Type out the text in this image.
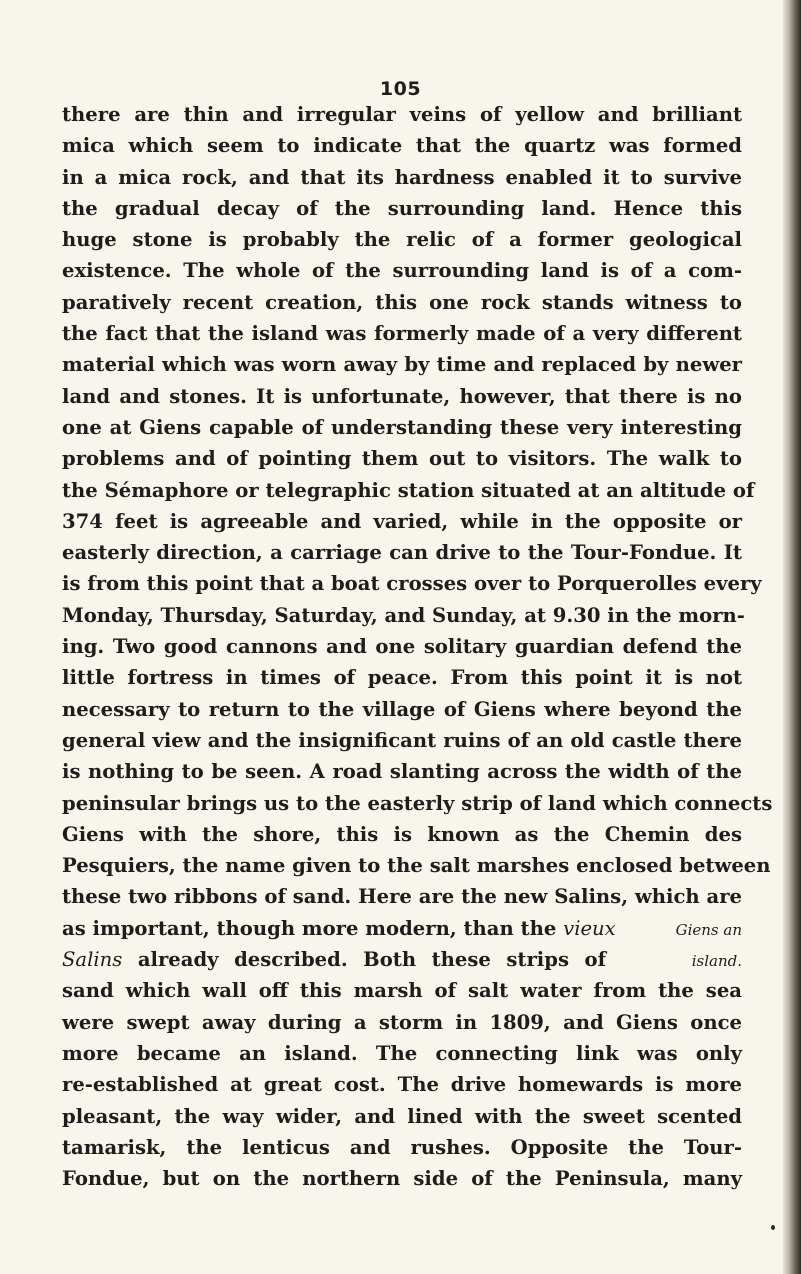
105
there are thin and irregular veins of yellow and brilliant
mica which seem to indicate that the quartz was formed
in a mica rock, and that its hardness enabled it to survive
the gradual decay of the surrounding land. Hence this
huge stone is probably the relic of a former geological
existence. The whole of the surrounding land is of a com-
paratively recent creation, this one rock stands witness to
the fact that the island was formerly made of a very different
material which was worn away by time and replaced by newer
land and stones. It is unfortunate, however, that there is no
one at Giens capable of understanding these very interesting
problems and of pointing them out to visitors. The walk to
the Sémaphore or telegraphic station situated at an altitude of
374 feet is agreeable and varied, while in the opposite or
easterly direction, a carriage can drive to the Tour-Fondue. It
is from this point that a boat crosses over to Porquerolles every
Monday, Thursday, Saturday, and Sunday, at 9.30 in the morn-
ing. Two good cannons and one solitary guardian defend the
little fortress in times of peace. From this point it is not
necessary to return to the village of Giens where beyond the
general view and the insignificant ruins of an old castle there
is nothing to be seen. A road slanting across the width of the
peninsular brings us to the easterly strip of land which connects
Giens with the shore, this is known as the Chemin des
Pesquiers, the name given to the salt marshes enclosed between
these two ribbons of sand. Here are the new Salins, which are
as important, though more modern, than the vieux	Giens an
Salins already described. Both these strips of	island.
sand which wall off this marsh of salt water from the sea
were swept away during a storm in 1809, and Giens once
more became an island. The connecting link was only
re-established at great cost. The drive homewards is more
pleasant, the way wider, and lined with the sweet scented
tamarisk, the lenticus and rushes. Opposite the Tour-
Fondue, but on the northern side of the Peninsula, many
